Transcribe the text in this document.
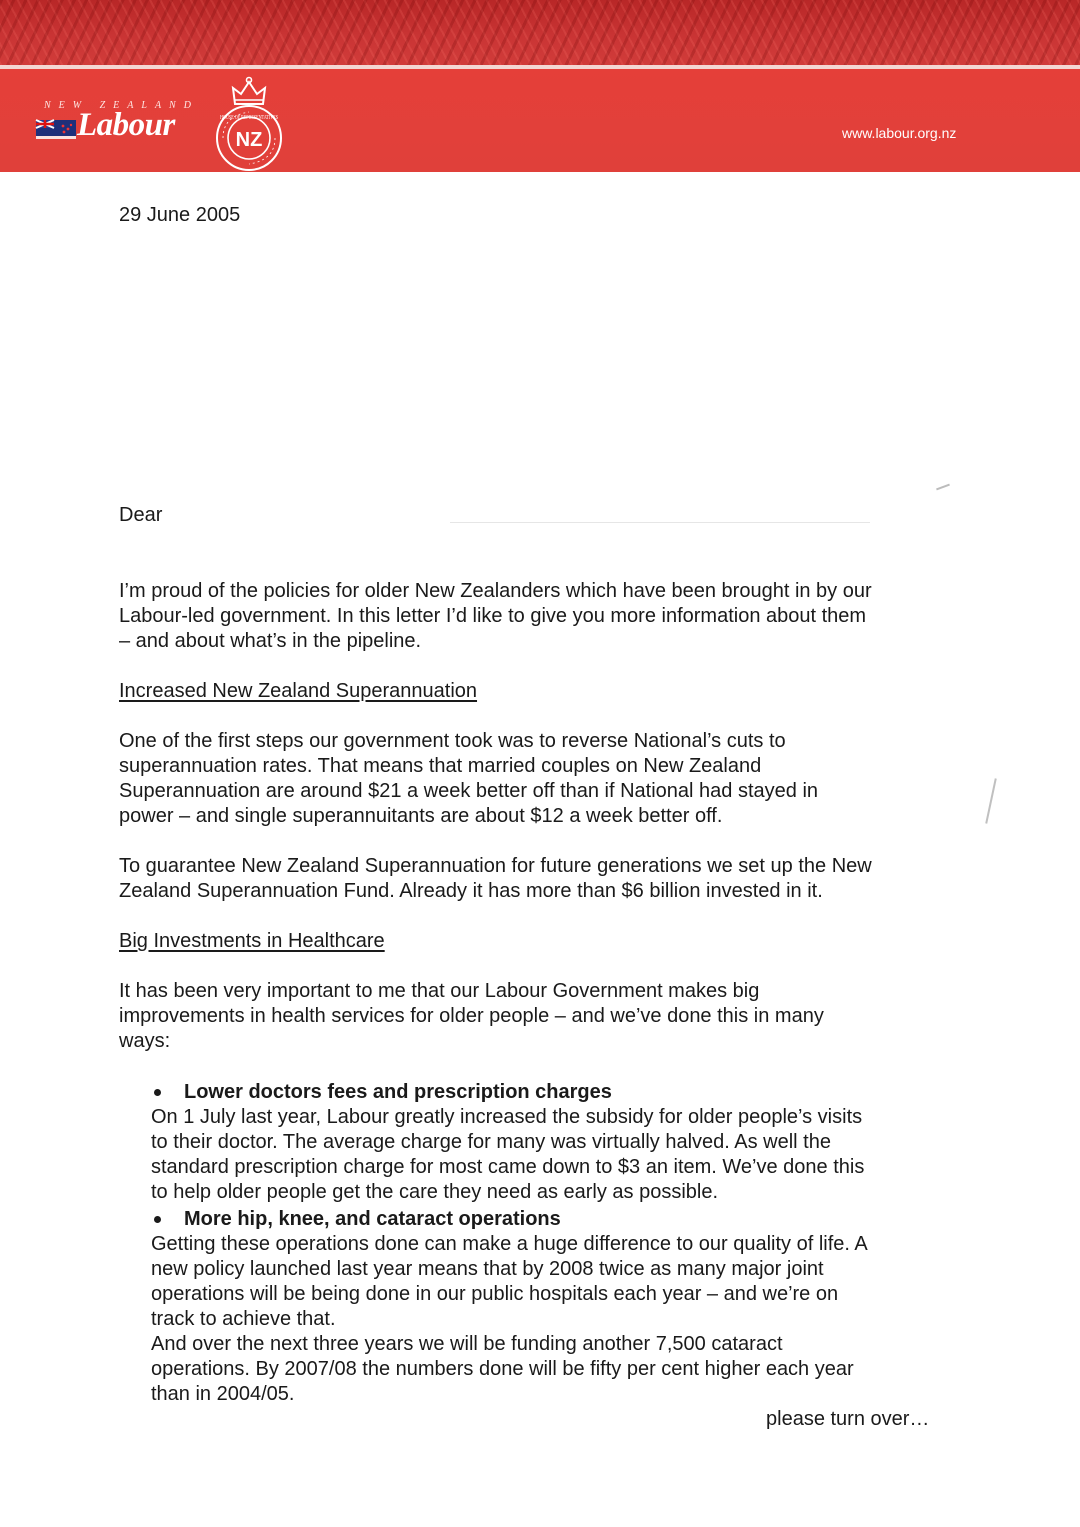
NEW ZEALAND
Labour	NZ
HOUSE OF REPRESENTATIVES
www.labour.org.nz

29 June 2005

Dear

I’m proud of the policies for older New Zealanders which have been brought in by our

Labour-led government. In this letter I’d like to give you more information about them

– and about what’s in the pipeline.

Increased New Zealand Superannuation

One of the first steps our government took was to reverse National’s cuts to

superannuation rates. That means that married couples on New Zealand

Superannuation are around $21 a week better off than if National had stayed in

power – and single superannuitants are about $12 a week better off.

To guarantee New Zealand Superannuation for future generations we set up the New

Zealand Superannuation Fund. Already it has more than $6 billion invested in it.

Big Investments in Healthcare

It has been very important to me that our Labour Government makes big

improvements in health services for older people – and we’ve done this in many

ways:

Lower doctors fees and prescription charges

On 1 July last year, Labour greatly increased the subsidy for older people’s visits

to their doctor. The average charge for many was virtually halved. As well the

standard prescription charge for most came down to $3 an item. We’ve done this

to help older people get the care they need as early as possible.

More hip, knee, and cataract operations

Getting these operations done can make a huge difference to our quality of life. A

new policy launched last year means that by 2008 twice as many major joint

operations will be being done in our public hospitals each year – and we’re on

track to achieve that.

And over the next three years we will be funding another 7,500 cataract

operations. By 2007/08 the numbers done will be fifty per cent higher each year

than in 2004/05.

please turn over…
